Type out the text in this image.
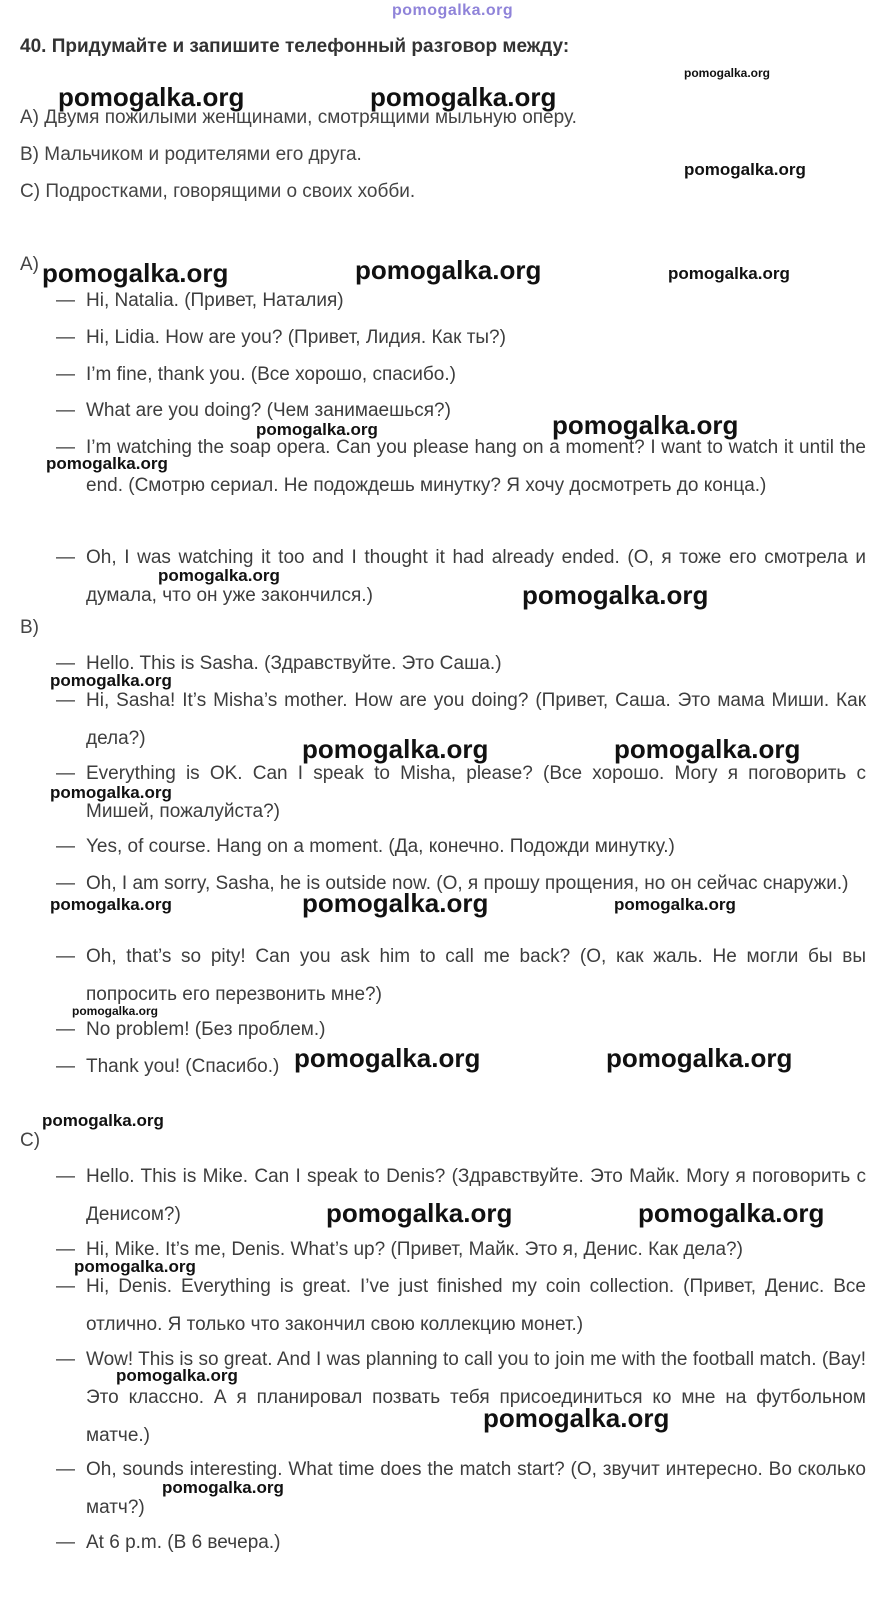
pomogalka.org
40. Придумайте и запишите телефонный разговор между:
A) Двумя пожилыми женщинами, смотрящими мыльную оперу.
B) Мальчиком и родителями его друга.
C) Подростками, говорящими о своих хобби.
A)
— Hi, Natalia. (Привет, Наталия)
— Hi, Lidia. How are you? (Привет, Лидия. Как ты?)
— I’m fine, thank you. (Все хорошо, спасибо.)
— What are you doing? (Чем занимаешься?)
— I’m watching the soap opera. Can you please hang on a moment? I want to watch it until the end. (Смотрю сериал. Не подождешь минутку? Я хочу досмотреть до конца.)
— Oh, I was watching it too and I thought it had already ended. (О, я тоже его смотрела и думала, что он уже закончился.)
B)
— Hello. This is Sasha. (Здравствуйте. Это Саша.)
— Hi, Sasha! It’s Misha’s mother. How are you doing? (Привет, Саша. Это мама Миши. Как дела?)
— Everything is OK. Can I speak to Misha, please? (Все хорошо. Могу я поговорить с Мишей, пожалуйста?)
— Yes, of course. Hang on a moment. (Да, конечно. Подожди минутку.)
— Oh, I am sorry, Sasha, he is outside now. (О, я прошу прощения, но он сейчас снаружи.)
— Oh, that’s so pity! Can you ask him to call me back? (О, как жаль. Не могли бы вы попросить его перезвонить мне?)
— No problem! (Без проблем.)
— Thank you! (Спасибо.)
C)
— Hello. This is Mike. Can I speak to Denis? (Здравствуйте. Это Майк. Могу я поговорить с Денисом?)
— Hi, Mike. It’s me, Denis. What’s up? (Привет, Майк. Это я, Денис. Как дела?)
— Hi, Denis. Everything is great. I’ve just finished my coin collection. (Привет, Денис. Все отлично. Я только что закончил свою коллекцию монет.)
— Wow! This is so great. And I was planning to call you to join me with the football match. (Вау! Это классно. А я планировал позвать тебя присоединиться ко мне на футбольном матче.)
— Oh, sounds interesting. What time does the match start? (О, звучит интересно. Во сколько матч?)
— At 6 p.m. (В 6 вечера.)
pomogalka.org
pomogalka.org	pomogalka.org
pomogalka.org
pomogalka.org	pomogalka.org	pomogalka.org
pomogalka.org
pomogalka.org
pomogalka.org
pomogalka.org
pomogalka.org
pomogalka.org
pomogalka.org	pomogalka.org
pomogalka.org
pomogalka.org	pomogalka.org	pomogalka.org
pomogalka.org
pomogalka.org	pomogalka.org
pomogalka.org
pomogalka.org	pomogalka.org
pomogalka.org
pomogalka.org
pomogalka.org
pomogalka.org
